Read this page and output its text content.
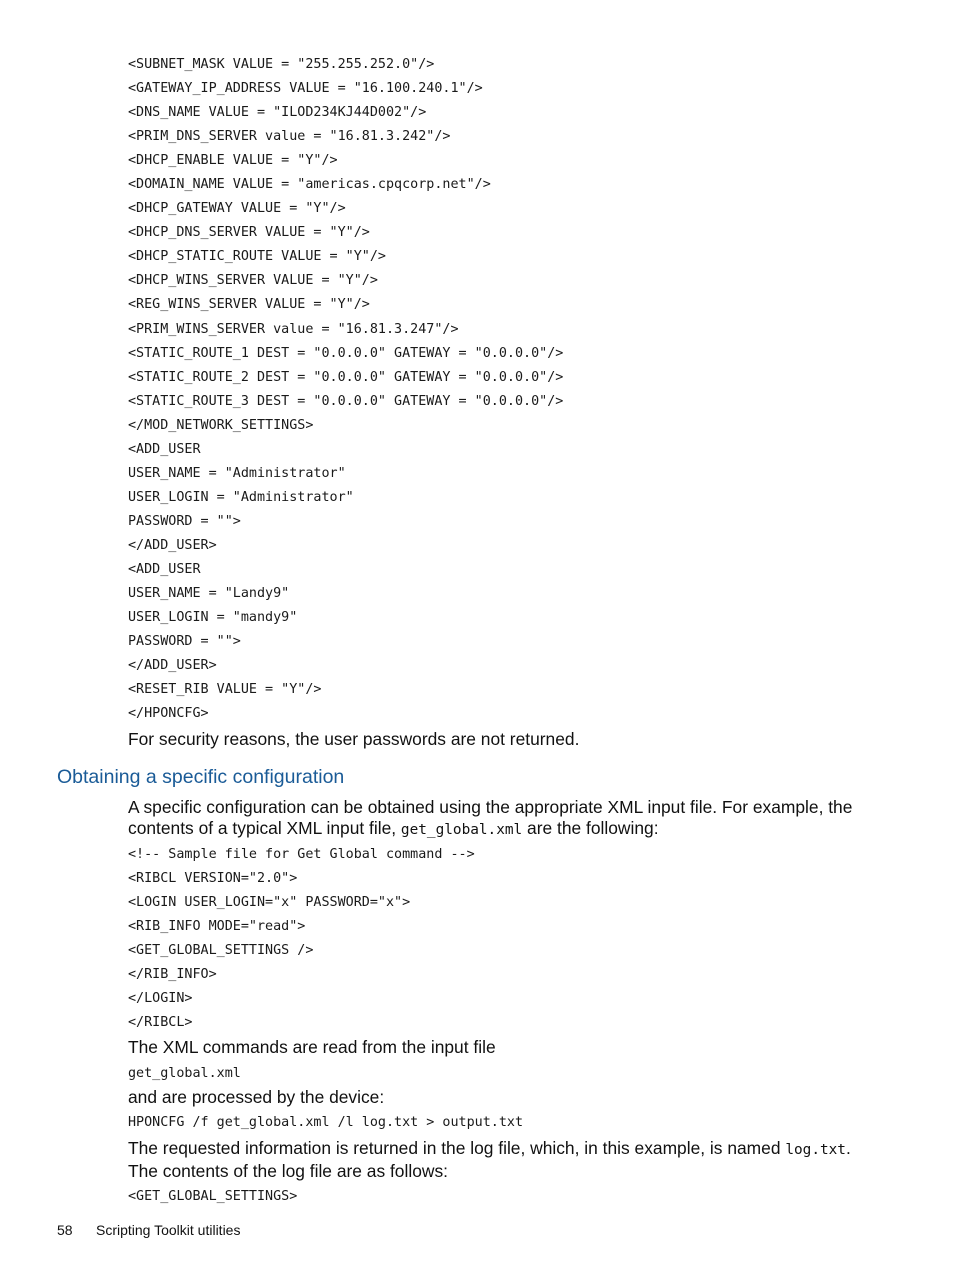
<SUBNET_MASK VALUE = "255.255.252.0"/>
<GATEWAY_IP_ADDRESS VALUE = "16.100.240.1"/>
<DNS_NAME VALUE = "ILOD234KJ44D002"/>
<PRIM_DNS_SERVER value = "16.81.3.242"/>
<DHCP_ENABLE VALUE = "Y"/>
<DOMAIN_NAME VALUE = "americas.cpqcorp.net"/>
<DHCP_GATEWAY VALUE = "Y"/>
<DHCP_DNS_SERVER VALUE = "Y"/>
<DHCP_STATIC_ROUTE VALUE = "Y"/>
<DHCP_WINS_SERVER VALUE = "Y"/>
<REG_WINS_SERVER VALUE = "Y"/>
<PRIM_WINS_SERVER value = "16.81.3.247"/>
<STATIC_ROUTE_1 DEST = "0.0.0.0" GATEWAY = "0.0.0.0"/>
<STATIC_ROUTE_2 DEST = "0.0.0.0" GATEWAY = "0.0.0.0"/>
<STATIC_ROUTE_3 DEST = "0.0.0.0" GATEWAY = "0.0.0.0"/>
</MOD_NETWORK_SETTINGS>
<ADD_USER
USER_NAME = "Administrator"
USER_LOGIN = "Administrator"
PASSWORD = "">
</ADD_USER>
<ADD_USER
USER_NAME = "Landy9"
USER_LOGIN = "mandy9"
PASSWORD = "">
</ADD_USER>
<RESET_RIB VALUE = "Y"/>
</HPONCFG>
For security reasons, the user passwords are not returned.
Obtaining a specific configuration
A specific configuration can be obtained using the appropriate XML input file. For example, the contents of a typical XML input file, get_global.xml are the following:
<!-- Sample file for Get Global command -->
<RIBCL VERSION="2.0">
<LOGIN USER_LOGIN="x" PASSWORD="x">
<RIB_INFO MODE="read">
<GET_GLOBAL_SETTINGS />
</RIB_INFO>
</LOGIN>
</RIBCL>
The XML commands are read from the input file
get_global.xml
and are processed by the device:
HPONCFG /f get_global.xml /l log.txt > output.txt
The requested information is returned in the log file, which, in this example, is named log.txt. The contents of the log file are as follows:
<GET_GLOBAL_SETTINGS>
58 Scripting Toolkit utilities
